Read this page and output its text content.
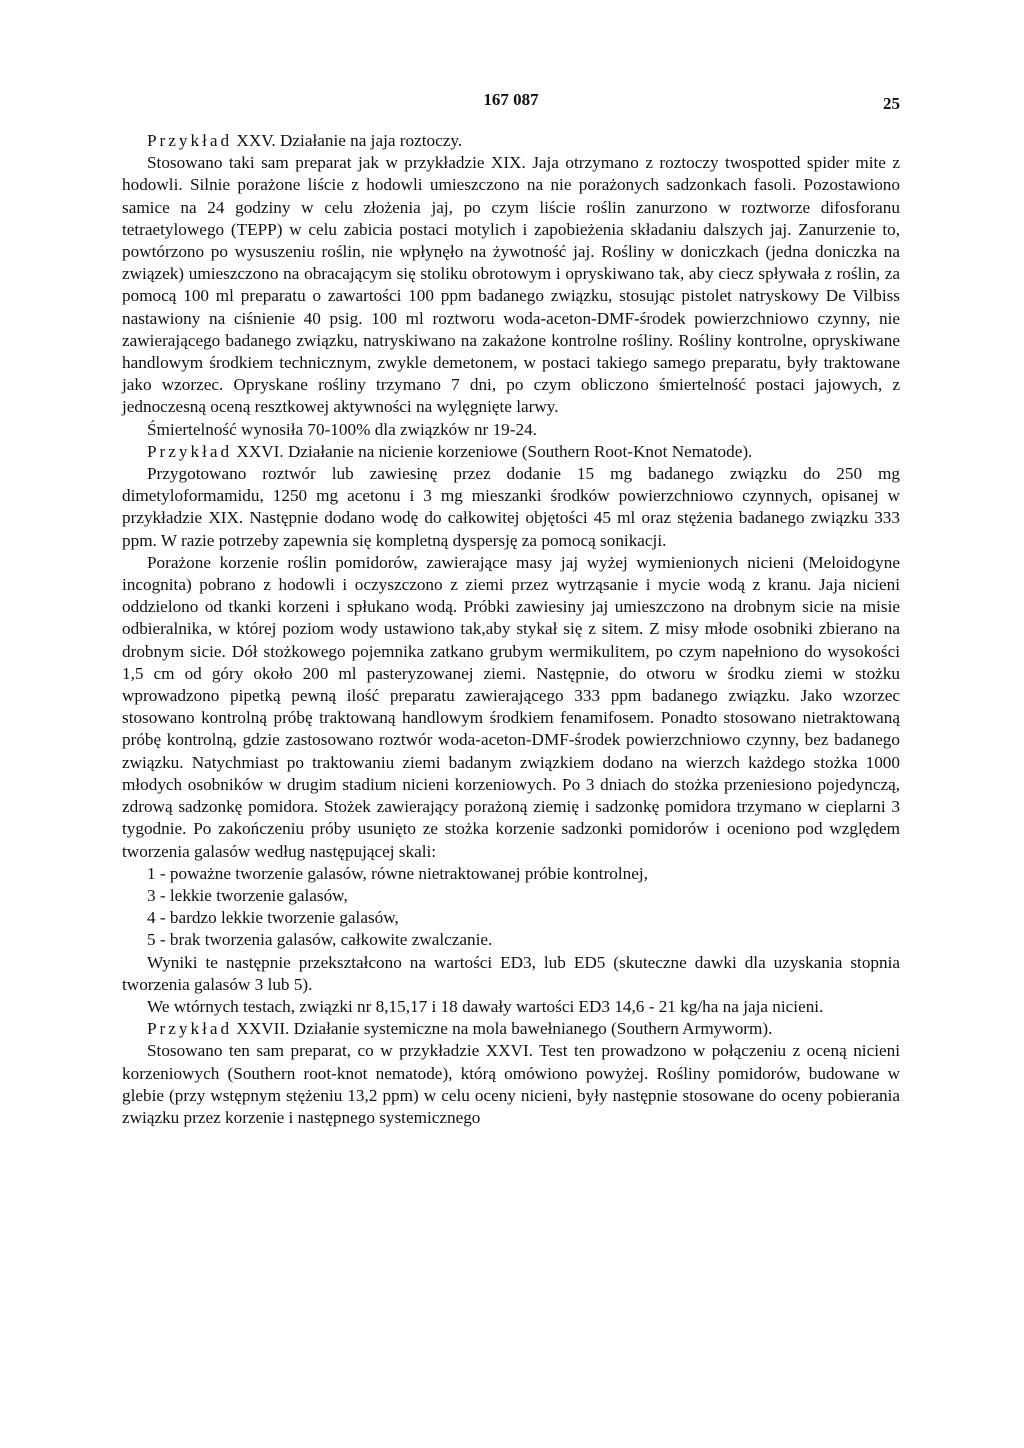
167 087	25

Przykład XXV. Działanie na jaja roztoczy.

Stosowano taki sam preparat jak w przykładzie XIX. Jaja otrzymano z roztoczy twospotted spider mite z hodowli. Silnie porażone liście z hodowli umieszczono na nie porażonych sadzonkach fasoli. Pozostawiono samice na 24 godziny w celu złożenia jaj, po czym liście roślin zanurzono w roztworze difosforanu tetraetylowego (TEPP) w celu zabicia postaci motylich i zapobieżenia składaniu dalszych jaj. Zanurzenie to, powtórzono po wysuszeniu roślin, nie wpłynęło na żywotność jaj. Rośliny w doniczkach (jedna doniczka na związek) umieszczono na obracającym się stoliku obrotowym i opryskiwano tak, aby ciecz spływała z roślin, za pomocą 100 ml preparatu o zawartości 100 ppm badanego związku, stosując pistolet natryskowy De Vilbiss nastawiony na ciśnienie 40 psig. 100 ml roztworu woda-aceton-DMF-środek powierzchniowo czynny, nie zawierającego badanego związku, natryskiwano na zakażone kontrolne rośliny. Rośliny kontrolne, opryskiwane handlowym środkiem technicznym, zwykle demetonem, w postaci takiego samego preparatu, były traktowane jako wzorzec. Opryskane rośliny trzymano 7 dni, po czym obliczono śmiertelność postaci jajowych, z jednoczesną oceną resztkowej aktywności na wylęgnięte larwy.

Śmiertelność wynosiła 70-100% dla związków nr 19-24.

Przykład XXVI. Działanie na nicienie korzeniowe (Southern Root-Knot Nematode).

Przygotowano roztwór lub zawiesinę przez dodanie 15 mg badanego związku do 250 mg dimetyloformamidu, 1250 mg acetonu i 3 mg mieszanki środków powierzchniowo czynnych, opisanej w przykładzie XIX. Następnie dodano wodę do całkowitej objętości 45 ml oraz stężenia badanego związku 333 ppm. W razie potrzeby zapewnia się kompletną dyspersję za pomocą sonikacji.

Porażone korzenie roślin pomidorów, zawierające masy jaj wyżej wymienionych nicieni (Meloidogyne incognita) pobrano z hodowli i oczyszczono z ziemi przez wytrząsanie i mycie wodą z kranu. Jaja nicieni oddzielono od tkanki korzeni i spłukano wodą. Próbki zawiesiny jaj umieszczono na drobnym sicie na misie odbieralnika, w której poziom wody ustawiono tak,aby stykał się z sitem. Z misy młode osobniki zbierano na drobnym sicie. Dół stożkowego pojemnika zatkano grubym wermikulitem, po czym napełniono do wysokości 1,5 cm od góry około 200 ml pasteryzowanej ziemi. Następnie, do otworu w środku ziemi w stożku wprowadzono pipetką pewną ilość preparatu zawierającego 333 ppm badanego związku. Jako wzorzec stosowano kontrolną próbę traktowaną handlowym środkiem fenamifosem. Ponadto stosowano nietraktowaną próbę kontrolną, gdzie zastosowano roztwór woda-aceton-DMF-środek powierzchniowo czynny, bez badanego związku. Natychmiast po traktowaniu ziemi badanym związkiem dodano na wierzch każdego stożka 1000 młodych osobników w drugim stadium nicieni korzeniowych. Po 3 dniach do stożka przeniesiono pojedynczą, zdrową sadzonkę pomidora. Stożek zawierający porażoną ziemię i sadzonkę pomidora trzymano w cieplarni 3 tygodnie. Po zakończeniu próby usunięto ze stożka korzenie sadzonki pomidorów i oceniono pod względem tworzenia galasów według następującej skali:

1 - poważne tworzenie galasów, równe nietraktowanej próbie kontrolnej,

3 - lekkie tworzenie galasów,

4 - bardzo lekkie tworzenie galasów,

5 - brak tworzenia galasów, całkowite zwalczanie.

Wyniki te następnie przekształcono na wartości ED3, lub ED5 (skuteczne dawki dla uzyskania stopnia tworzenia galasów 3 lub 5).

We wtórnych testach, związki nr 8,15,17 i 18 dawały wartości ED3 14,6 - 21 kg/ha na jaja nicieni.

Przykład XXVII. Działanie systemiczne na mola bawełnianego (Southern Armyworm).

Stosowano ten sam preparat, co w przykładzie XXVI. Test ten prowadzono w połączeniu z oceną nicieni korzeniowych (Southern root-knot nematode), którą omówiono powyżej. Rośliny pomidorów, budowane w glebie (przy wstępnym stężeniu 13,2 ppm) w celu oceny nicieni, były następnie stosowane do oceny pobierania związku przez korzenie i następnego systemicznego
